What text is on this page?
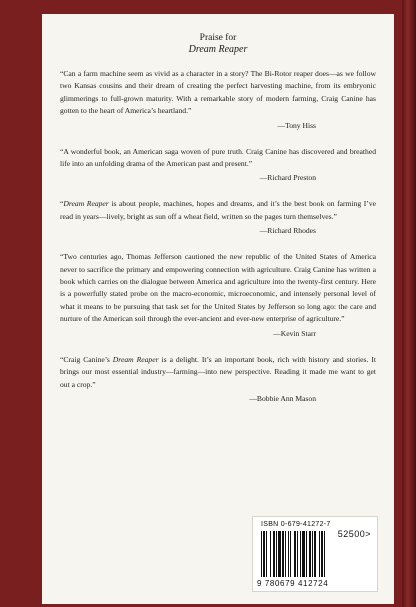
Praise for

Dream Reaper

“Can a farm machine seem as vivid as a character in a story? The Bi-Rotor reaper does—as we follow two Kansas cousins and their dream of creating the perfect harvesting machine, from its embryonic glimmerings to full-grown maturity. With a remarkable story of modern farming, Craig Canine has gotten to the heart of America’s heartland.”

—Tony Hiss

“A wonderful book, an American saga woven of pure truth. Craig Canine has discovered and breathed life into an unfolding drama of the American past and present.”

—Richard Preston

“Dream Reaper is about people, machines, hopes and dreams, and it’s the best book on farming I’ve read in years—lively, bright as sun off a wheat field, written so the pages turn themselves.”

—Richard Rhodes

“Two centuries ago, Thomas Jefferson cautioned the new republic of the United States of America never to sacrifice the primary and empowering connection with agriculture. Craig Canine has written a book which carries on the dialogue between America and agriculture into the twenty-first century. Here is a powerfully stated probe on the macro-economic, microeconomic, and intensely personal level of what it means to be pursuing that task set for the United States by Jefferson so long ago: the care and nurture of the American soil through the ever-ancient and ever-new enterprise of agriculture.”

—Kevin Starr

“Craig Canine’s Dream Reaper is a delight. It’s an important book, rich with history and stories. It brings our most essential industry—farming—into new perspective. Reading it made me want to get out a crop.”

—Bobbie Ann Mason

ISBN 0-679-41272-7
52500>
9 780679 412724
